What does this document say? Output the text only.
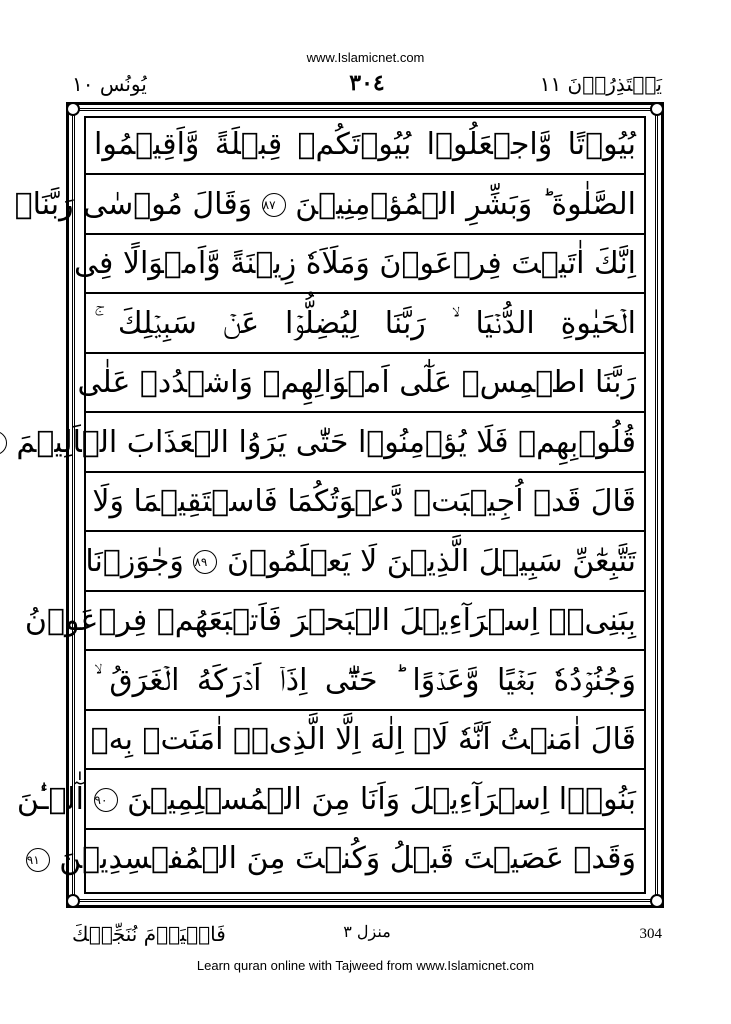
www.Islamicnet.com
يَعۡتَذِرُوۡنَ ١١
٣٠٤
يُونُس ١٠
بُيُوۡتًا وَّاجۡعَلُوۡا بُيُوۡتَكُمۡ قِبۡلَةً وَّاَقِيۡمُوا
الصَّلٰوةَ ؕ وَبَشِّرِ الۡمُؤۡمِنِيۡنَ ٨٧ وَقَالَ مُوۡسٰى رَبَّنَاۤ
اِنَّكَ اٰتَيۡتَ فِرۡعَوۡنَ وَمَلَاَهٗ زِيۡنَةً وَّاَمۡوَالًا فِى
الۡحَيٰوةِ الدُّنۡيَا ۙ رَبَّنَا لِيُضِلُّوۡا عَنۡ سَبِيۡلِكَ ۚ
رَبَّنَا اطۡمِسۡ عَلٰٓى اَمۡوَالِهِمۡ وَاشۡدُدۡ عَلٰى
قُلُوۡبِهِمۡ فَلَا يُؤۡمِنُوۡا حَتّٰى يَرَوُا الۡعَذَابَ الۡاَلِيۡمَ
قَالَ قَدۡ اُجِيۡبَتۡ دَّعۡوَتُكُمَا فَاسۡتَقِيۡمَا وَلَا
تَتَّبِعٰٓنِّ سَبِيۡلَ الَّذِيۡنَ لَا يَعۡلَمُوۡنَ ٨٩ وَجٰوَزۡنَا
بِبَنِىۡۤ اِسۡرَآءِيۡلَ الۡبَحۡرَ فَاَتۡبَعَهُمۡ فِرۡعَوۡنُ
وَجُنُوۡدُهٗ بَغۡيًا وَّعَدۡوًا ؕ حَتّٰٓى اِذَاۤ اَدۡرَكَهُ الۡغَرَقُ ۙ
قَالَ اٰمَنۡتُ اَنَّهٗ لَاۤ اِلٰهَ اِلَّا الَّذِىۡۤ اٰمَنَتۡ بِهٖ
بَنُوۡۤا اِسۡرَآءِيۡلَ وَاَنَا مِنَ الۡمُسۡلِمِيۡنَ ٩٠ آٰلۡـٰٔنَ
وَقَدۡ عَصَيۡتَ قَبۡلُ وَكُنۡتَ مِنَ الۡمُفۡسِدِيۡنَ ٩١
فَالۡيَوۡمَ نُنَجِّيۡكَ	منزل ٣	304
Learn quran online with Tajweed from www.Islamicnet.com
